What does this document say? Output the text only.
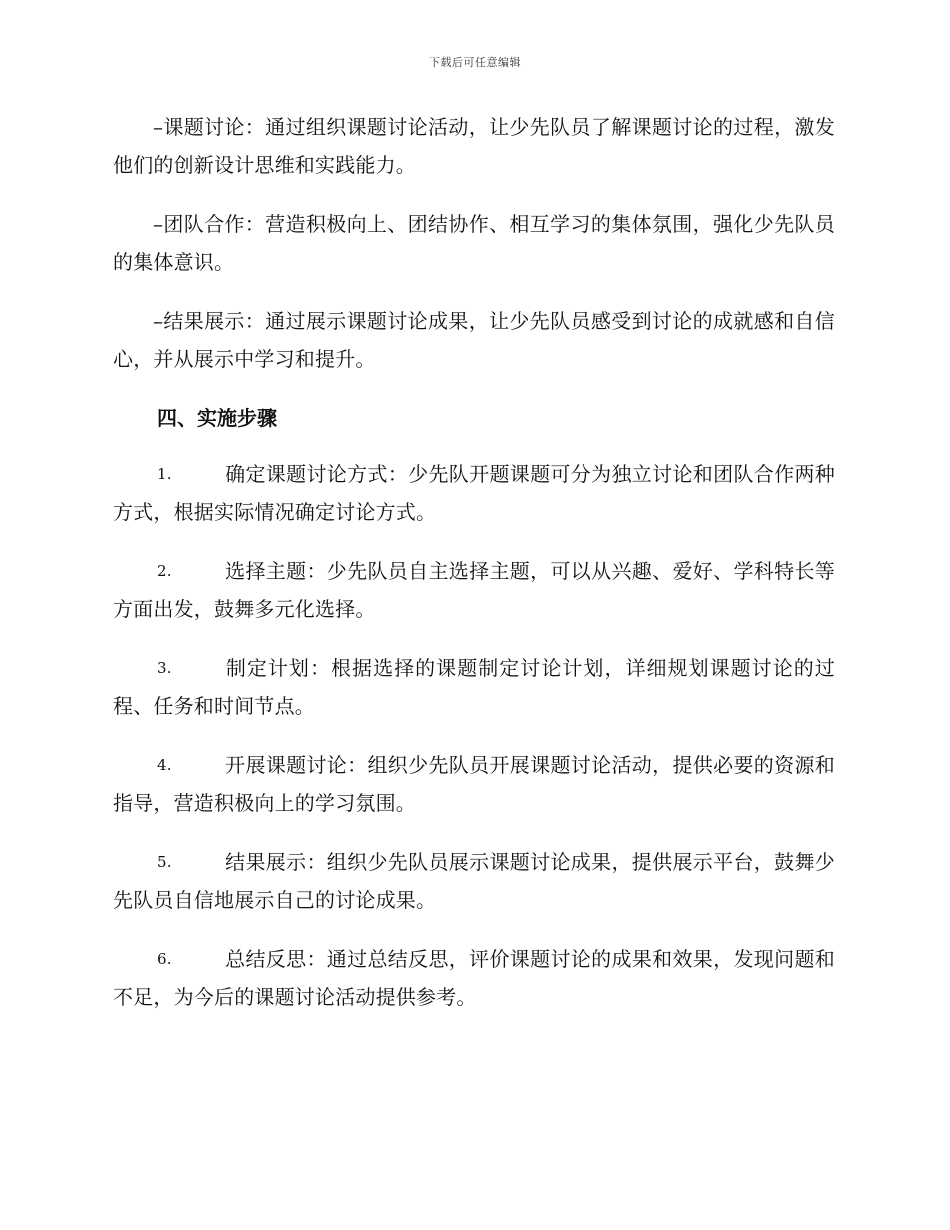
下载后可任意编辑

–课题讨论：通过组织课题讨论活动，让少先队员了解课题讨论的过程，激发他们的创新设计思维和实践能力。

–团队合作：营造积极向上、团结协作、相互学习的集体氛围，强化少先队员的集体意识。

–结果展示：通过展示课题讨论成果，让少先队员感受到讨论的成就感和自信心，并从展示中学习和提升。

四、实施步骤

1.	确定课题讨论方式：少先队开题课题可分为独立讨论和团队合作两种方式，根据实际情况确定讨论方式。

2.	选择主题：少先队员自主选择主题，可以从兴趣、爱好、学科特长等方面出发，鼓舞多元化选择。

3.	制定计划：根据选择的课题制定讨论计划，详细规划课题讨论的过程、任务和时间节点。

4.	开展课题讨论：组织少先队员开展课题讨论活动，提供必要的资源和指导，营造积极向上的学习氛围。

5.	结果展示：组织少先队员展示课题讨论成果，提供展示平台，鼓舞少先队员自信地展示自己的讨论成果。

6.	总结反思：通过总结反思，评价课题讨论的成果和效果，发现问题和不足，为今后的课题讨论活动提供参考。
